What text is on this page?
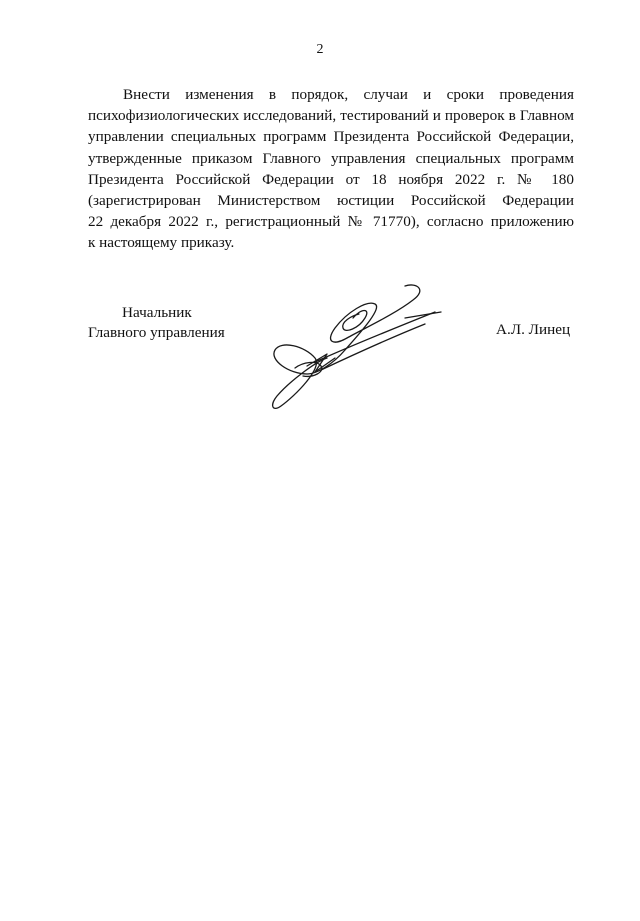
2
Внести изменения в порядок, случаи и сроки проведения
психофизиологических исследований, тестирований и проверок в Главном
управлении специальных программ Президента Российской Федерации,
утвержденные приказом Главного управления специальных программ
Президента Российской Федерации от 18 ноября 2022 г. № 180
(зарегистрирован Министерством юстиции Российской Федерации
22 декабря 2022 г., регистрационный № 71770), согласно приложению
к настоящему приказу.
Начальник
Главного управления	А.Л. Линец
